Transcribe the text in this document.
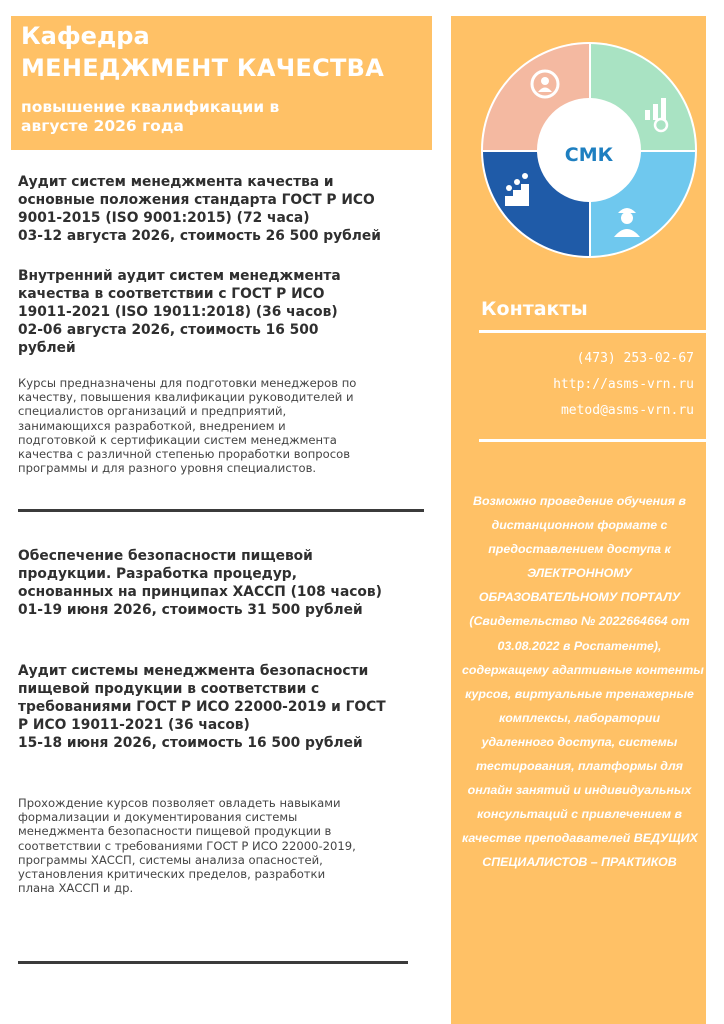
Кафедра
МЕНЕДЖМЕНТ КАЧЕСТВА
повышение квалификации в
августе 2026 года
Аудит систем менеджмента качества и
основные положения стандарта ГОСТ Р ИСО
9001-2015 (ISO 9001:2015) (72 часа)
03-12 августа 2026, стоимость 26 500 рублей
Внутренний аудит систем менеджмента
качества в соответствии с ГОСТ Р ИСО
19011-2021 (ISO 19011:2018) (36 часов)
02-06 августа 2026, стоимость 16 500
рублей
Курсы предназначены для подготовки менеджеров по
качеству, повышения квалификации руководителей и
специалистов организаций и предприятий,
занимающихся разработкой, внедрением и
подготовкой к сертификации систем менеджмента
качества с различной степенью проработки вопросов
программы и для разного уровня специалистов.
Обеспечение безопасности пищевой
продукции. Разработка процедур,
основанных на принципах ХАССП (108 часов)
01-19 июня 2026, стоимость 31 500 рублей
Аудит системы менеджмента безопасности
пищевой продукции в соответствии с
требованиями ГОСТ Р ИСО 22000-2019 и ГОСТ
Р ИСО 19011-2021 (36 часов)
15-18 июня 2026, стоимость 16 500 рублей
Прохождение курсов позволяет овладеть навыками
формализации и документирования системы
менеджмента безопасности пищевой продукции в
соответствии с требованиями ГОСТ Р ИСО 22000-2019,
программы ХАССП, системы анализа опасностей,
установления критических пределов, разработки
плана ХАССП и др.
СМК
Контакты
(473) 253-02-67
http://asms-vrn.ru
metod@asms-vrn.ru
Возможно проведение обучения в
дистанционном формате с
предоставлением доступа к
ЭЛЕКТРОННОМУ
ОБРАЗОВАТЕЛЬНОМУ ПОРТАЛУ
(Свидетельство № 2022664664 от
03.08.2022 в Роспатенте),
содержащему адаптивные контенты
курсов, виртуальные тренажерные
комплексы, лаборатории
удаленного доступа, системы
тестирования, платформы для
онлайн занятий и индивидуальных
консультаций с привлечением в
качестве преподавателей ВЕДУЩИХ
СПЕЦИАЛИСТОВ – ПРАКТИКОВ
